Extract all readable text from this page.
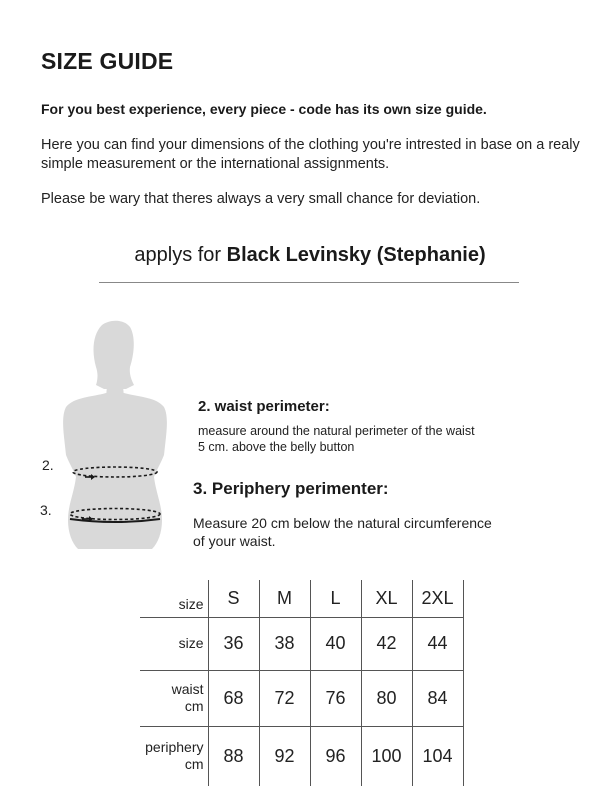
SIZE GUIDE
For you best experience, every piece - code has its own size guide.
Here you can find your dimensions of the clothing you're intrested in base on a realy simple measurement or the international assignments.
Please be wary that theres always a very small chance for deviation.
applys for Black Levinsky (Stephanie)
2.
3.
2. waist perimeter:
measure around the natural perimeter of the waist
5 cm. above the belly button
3. Periphery perimenter:
Measure 20 cm below the natural circumference
of your waist.
size	S	M	L	XL	2XL
size	36	38	40	42	44
waist
cm	68	72	76	80	84
periphery
cm	88	92	96	100	104
